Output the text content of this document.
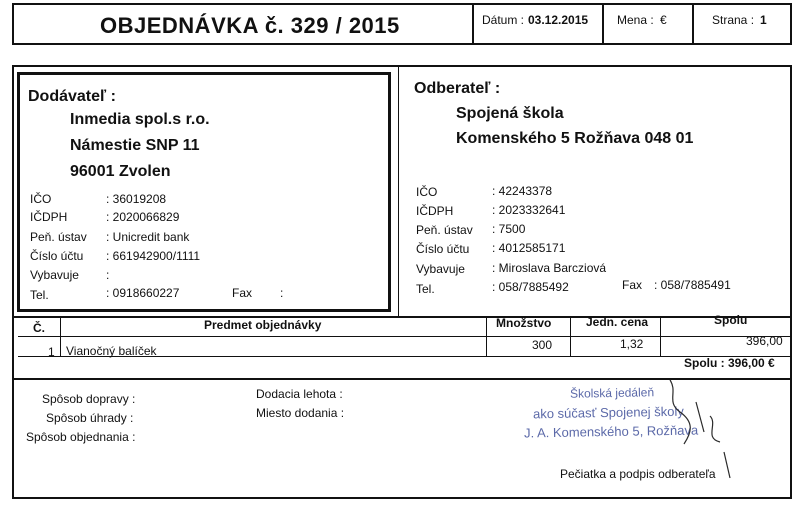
OBJEDNÁVKA č. 329 / 2015	Dátum : 03.12.2015 Mena : €	Strana : 1
Dodávateľ :
Inmedia spol.s r.o.
Námestie SNP 11
96001 Zvolen
IČO	: 36019208
IČDPH	: 2020066829
Peň. ústav : Unicredit bank
Číslo účtu : 661942900/1111
Vybavuje :
Tel.	: 0918660227	Fax :
Odberateľ :
Spojená škola
Komenského 5 Rožňava 048 01
IČO	: 42243378
IČDPH	: 2023332641
Peň. ústav : 7500
Číslo účtu : 4012585171
Vybavuje : Miroslava Barcziová
Tel.	: 058/7885492	Fax : 058/7885491
Č.	Predmet objednávky	Množstvo	Jedn. cena	Spolu
1 Vianočný balíček	300	1,32	396,00
Spolu : 396,00 €
Spôsob dopravy :
Spôsob úhrady :
Spôsob objednania :
Dodacia lehota :
Miesto dodania :
Školská jedáleň
ako súčasť Spojenej školy
J. A. Komenského 5, Rožňava
Pečiatka a podpis odberateľa
